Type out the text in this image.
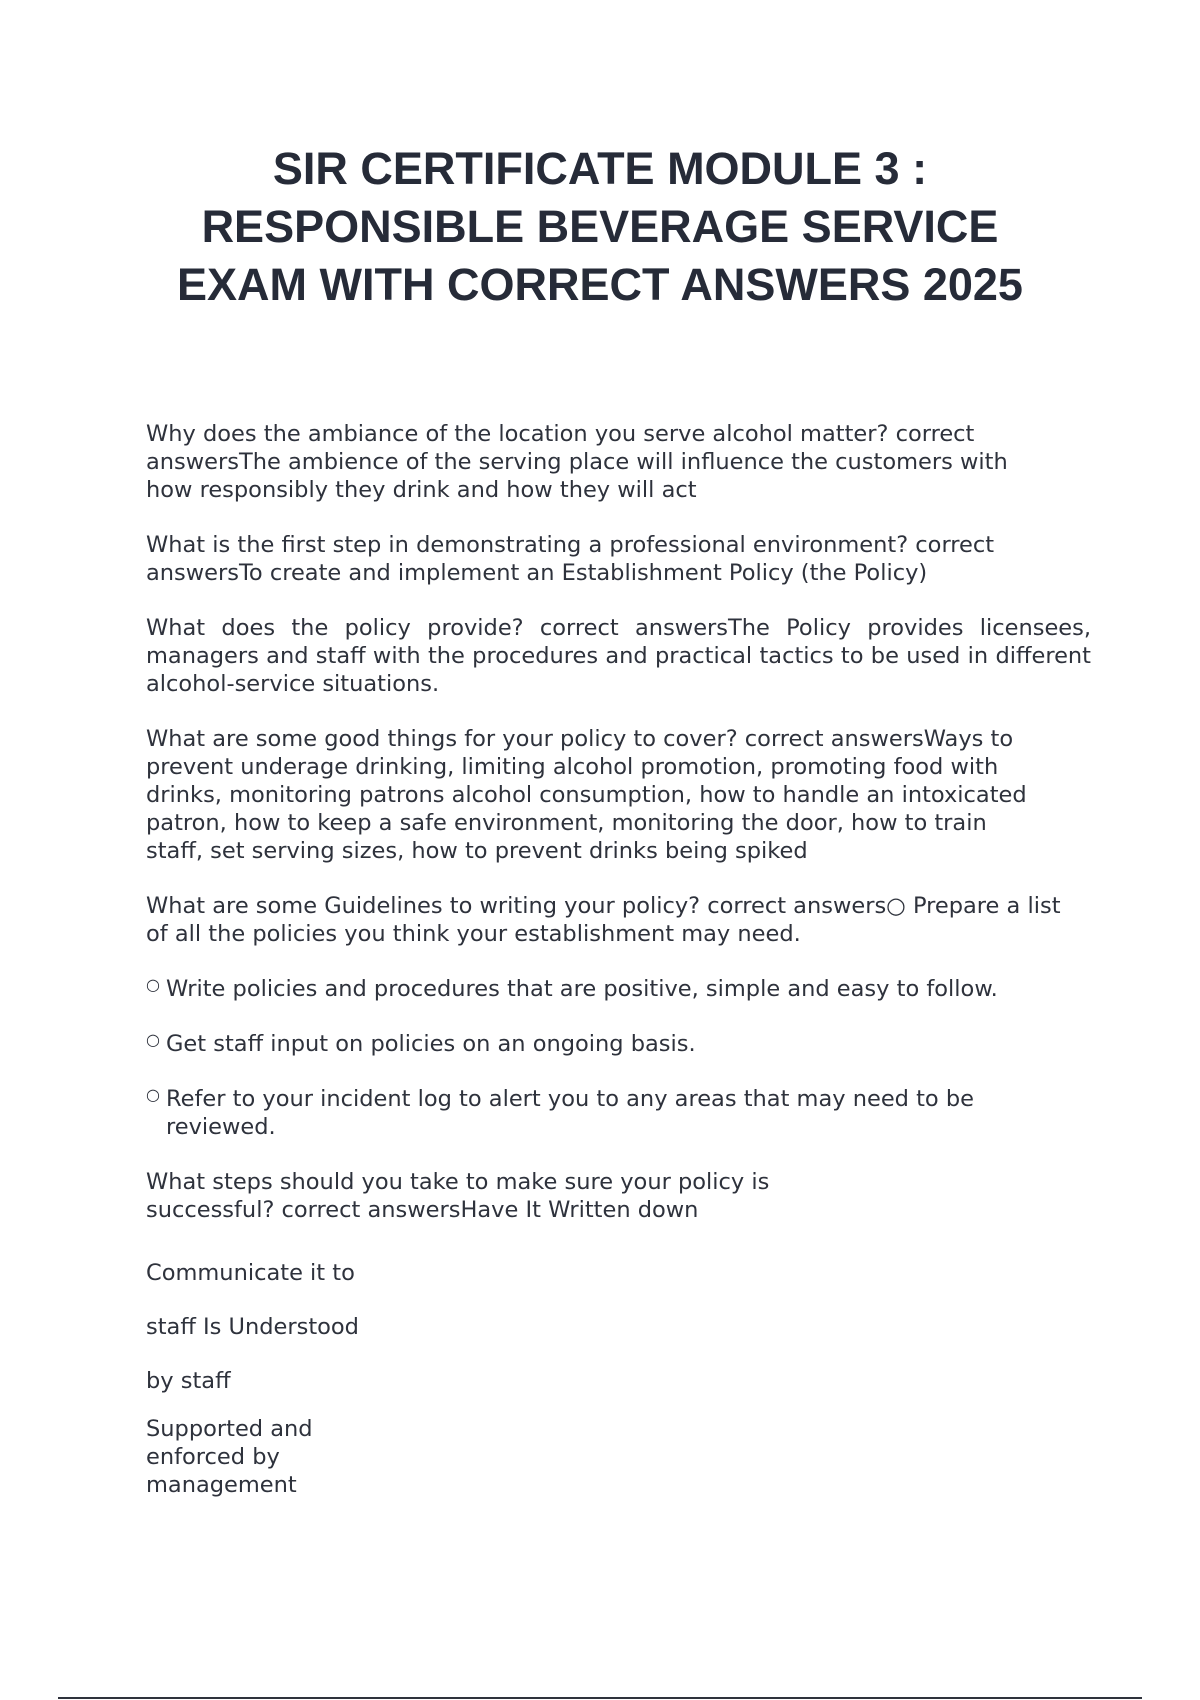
SIR CERTIFICATE MODULE 3 :
RESPONSIBLE BEVERAGE SERVICE
EXAM WITH CORRECT ANSWERS 2025

Why does the ambiance of the location you serve alcohol matter? correct answersThe ambience of the serving place will influence the customers with how responsibly they drink and how they will act

What is the first step in demonstrating a professional environment? correct answersTo create and implement an Establishment Policy (the Policy)

What does the policy provide? correct answersThe Policy provides licensees, managers and staff with the procedures and practical tactics to be used in different alcohol-service situations.

What are some good things for your policy to cover? correct answersWays to prevent underage drinking, limiting alcohol promotion, promoting food with drinks, monitoring patrons alcohol consumption, how to handle an intoxicated patron, how to keep a safe environment, monitoring the door, how to train staff, set serving sizes, how to prevent drinks being spiked

What are some Guidelines to writing your policy? correct answers○ Prepare a list of all the policies you think your establishment may need.

○ Write policies and procedures that are positive, simple and easy to follow.
○ Get staff input on policies on an ongoing basis.
○ Refer to your incident log to alert you to any areas that may need to be reviewed.

What steps should you take to make sure your policy is successful? correct answersHave It Written down

Communicate it to

staff Is Understood

by staff

Supported and enforced by management
